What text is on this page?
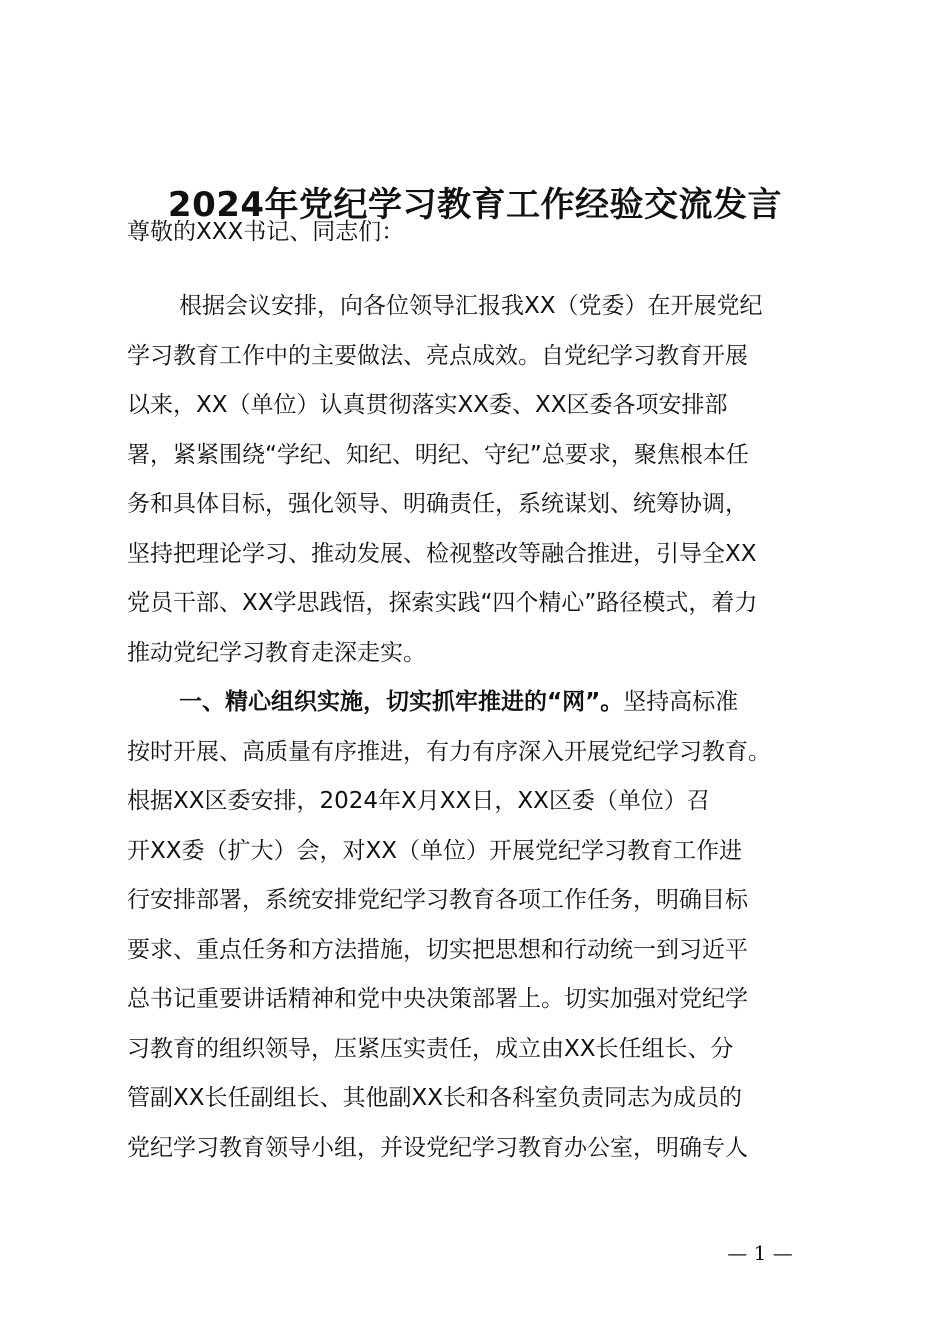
2024年党纪学习教育工作经验交流发言
尊敬的XXX书记、同志们：
根据会议安排，向各位领导汇报我XX（党委）在开展党纪
学习教育工作中的主要做法、亮点成效。自党纪学习教育开展
以来，XX（单位）认真贯彻落实XX委、XX区委各项安排部
署，紧紧围绕“学纪、知纪、明纪、守纪”总要求，聚焦根本任
务和具体目标，强化领导、明确责任，系统谋划、统筹协调，
坚持把理论学习、推动发展、检视整改等融合推进，引导全XX
党员干部、XX学思践悟，探索实践“四个精心”路径模式，着力
推动党纪学习教育走深走实。
一、精心组织实施，切实抓牢推进的“网”。坚持高标准
按时开展、高质量有序推进，有力有序深入开展党纪学习教育。
根据XX区委安排，2024年X月XX日，XX区委（单位）召
开XX委（扩大）会，对XX（单位）开展党纪学习教育工作进
行安排部署，系统安排党纪学习教育各项工作任务，明确目标
要求、重点任务和方法措施，切实把思想和行动统一到习近平
总书记重要讲话精神和党中央决策部署上。切实加强对党纪学
习教育的组织领导，压紧压实责任，成立由XX长任组长、分
管副XX长任副组长、其他副XX长和各科室负责同志为成员的
党纪学习教育领导小组，并设党纪学习教育办公室，明确专人
— 1 —
